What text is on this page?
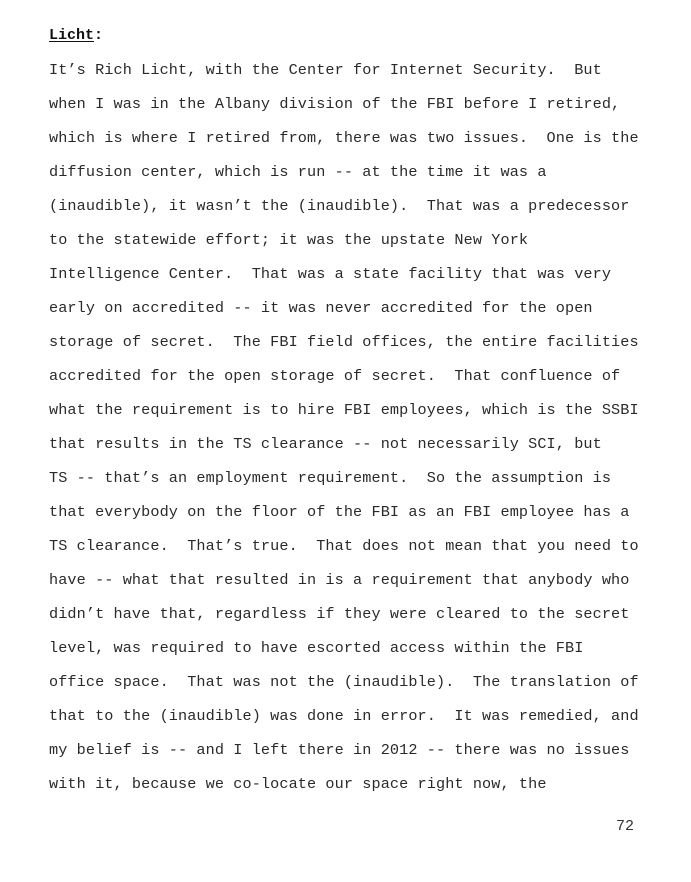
Licht:
It’s Rich Licht, with the Center for Internet Security.  But
when I was in the Albany division of the FBI before I retired,
which is where I retired from, there was two issues.  One is the
diffusion center, which is run -- at the time it was a
(inaudible), it wasn’t the (inaudible).  That was a predecessor
to the statewide effort; it was the upstate New York
Intelligence Center.  That was a state facility that was very
early on accredited -- it was never accredited for the open
storage of secret.  The FBI field offices, the entire facilities
accredited for the open storage of secret.  That confluence of
what the requirement is to hire FBI employees, which is the SSBI
that results in the TS clearance -- not necessarily SCI, but
TS -- that’s an employment requirement.  So the assumption is
that everybody on the floor of the FBI as an FBI employee has a
TS clearance.  That’s true.  That does not mean that you need to
have -- what that resulted in is a requirement that anybody who
didn’t have that, regardless if they were cleared to the secret
level, was required to have escorted access within the FBI
office space.  That was not the (inaudible).  The translation of
that to the (inaudible) was done in error.  It was remedied, and
my belief is -- and I left there in 2012 -- there was no issues
with it, because we co-locate our space right now, the
72
